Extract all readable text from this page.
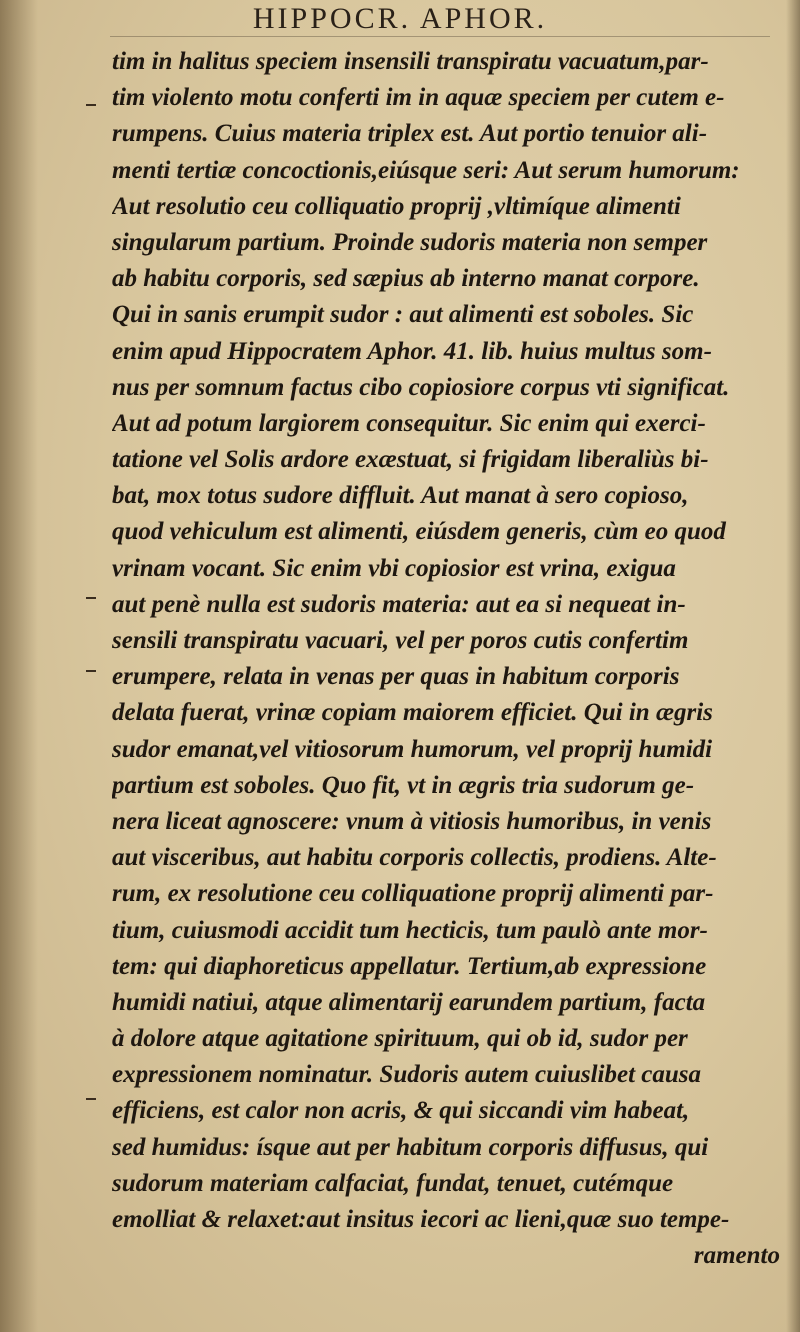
HIPPOCR. APHOR.
tim in halitus speciem insensili transpiratu vacuatum,par-
tim violento motu conferti im in aquæ speciem per cutem e-
rumpens. Cuius materia triplex est. Aut portio tenuior ali-
menti tertiæ concoctionis,eiúsque seri: Aut serum humorum:
Aut resolutio ceu colliquatio proprij ,vltimíque alimenti
singularum partium. Proinde sudoris materia non semper
ab habitu corporis, sed sæpius ab interno manat corpore.
Qui in sanis erumpit sudor : aut alimenti est soboles. Sic
enim apud Hippocratem Aphor. 41. lib. huius multus som-
nus per somnum factus cibo copiosiore corpus vti significat.
Aut ad potum largiorem consequitur. Sic enim qui exerci-
tatione vel Solis ardore exæstuat, si frigidam liberaliùs bi-
bat, mox totus sudore diffluit. Aut manat à sero copioso,
quod vehiculum est alimenti, eiúsdem generis, cùm eo quod
vrinam vocant. Sic enim vbi copiosior est vrina, exigua
aut penè nulla est sudoris materia: aut ea si nequeat in-
sensili transpiratu vacuari, vel per poros cutis confertim
erumpere, relata in venas per quas in habitum corporis
delata fuerat, vrinæ copiam maiorem efficiet. Qui in ægris
sudor emanat,vel vitiosorum humorum, vel proprij humidi
partium est soboles. Quo fit, vt in ægris tria sudorum ge-
nera liceat agnoscere: vnum à vitiosis humoribus, in venis
aut visceribus, aut habitu corporis collectis, prodiens. Alte-
rum, ex resolutione ceu colliquatione proprij alimenti par-
tium, cuiusmodi accidit tum hecticis, tum paulò ante mor-
tem: qui diaphoreticus appellatur. Tertium,ab expressione
humidi natiui, atque alimentarij earundem partium, facta
à dolore atque agitatione spirituum, qui ob id, sudor per
expressionem nominatur. Sudoris autem cuiuslibet causa
efficiens, est calor non acris, & qui siccandi vim habeat,
sed humidus: ísque aut per habitum corporis diffusus, qui
sudorum materiam calfaciat, fundat, tenuet, cutémque
emolliat & relaxet:aut insitus iecori ac lieni,quæ suo tempe-
ramento
